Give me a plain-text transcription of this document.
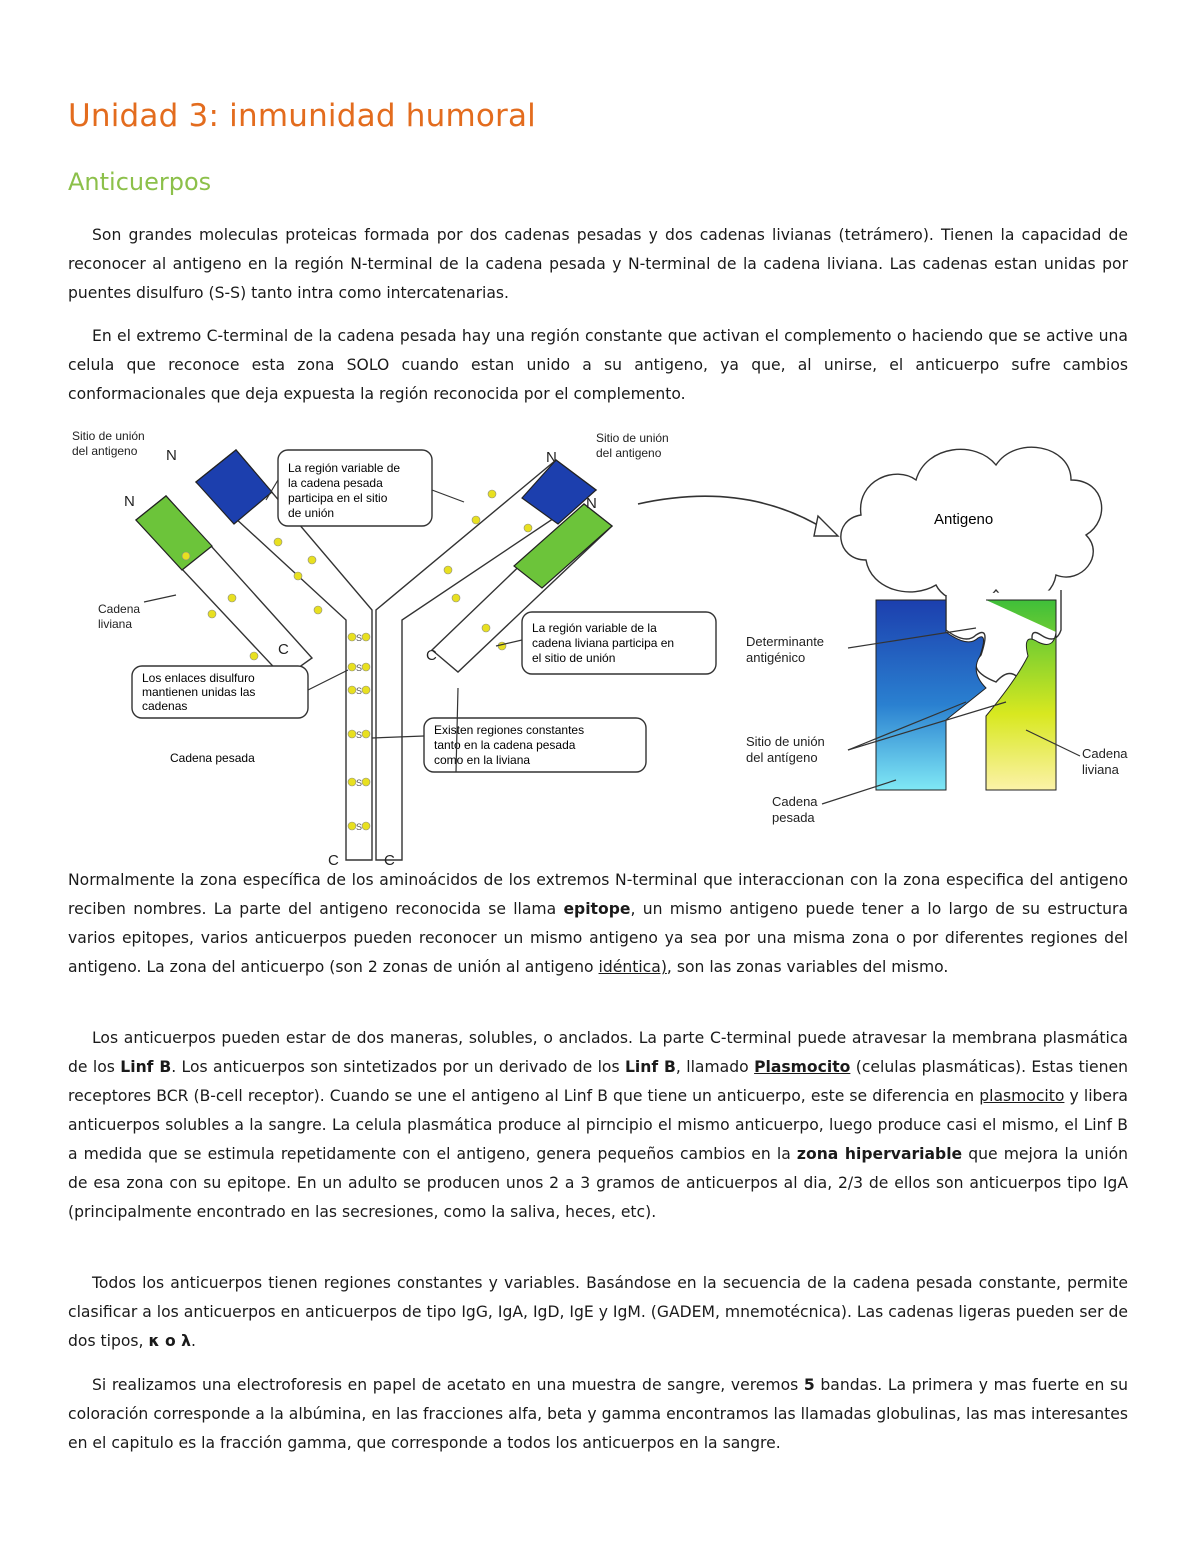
Unidad 3: inmunidad humoral
Anticuerpos

Son grandes moleculas proteicas formada por dos cadenas pesadas y dos cadenas livianas (tetrámero). Tienen la capacidad de reconocer al antigeno en la región N-terminal de la cadena pesada y N-terminal de la cadena liviana. Las cadenas estan unidas por puentes disulfuro (S-S) tanto intra como intercatenarias.

En el extremo C-terminal de la cadena pesada hay una región constante que activan el complemento o haciendo que se active una celula que reconoce esta zona SOLO cuando estan unido a su antigeno, ya que, al unirse, el anticuerpo sufre cambios conformacionales que deja expuesta la región reconocida por el complemento.

S
S
S
S
S
S
N
N
N
N
C	C
C	C
Sitio de unión
del antigeno
Sitio de unión
del antigeno
La región variable de
la cadena pesada
participa en el sitio
de unión
Cadena
liviana
Los enlaces disulfuro
mantienen unidas las
cadenas
Cadena pesada
La región variable de la
cadena liviana participa en
el sitio de unión
Existen regiones constantes
tanto en la cadena pesada
como en la liviana
Antigeno
Determinante
antigénico
Sitio de unión
del antígeno
Cadena
pesada
Cadena
liviana

Normalmente la zona específica de los aminoácidos de los extremos N-terminal que interaccionan con la zona especifica del antigeno reciben nombres. La parte del antigeno reconocida se llama epitope, un mismo antigeno puede tener a lo largo de su estructura varios epitopes, varios anticuerpos pueden reconocer un mismo antigeno ya sea por una misma zona o por diferentes regiones del antigeno. La zona del anticuerpo (son 2 zonas de unión al antigeno idéntica), son las zonas variables del mismo.

Los anticuerpos pueden estar de dos maneras, solubles, o anclados. La parte C-terminal puede atravesar la membrana plasmática de los Linf B. Los anticuerpos son sintetizados por un derivado de los Linf B, llamado Plasmocito (celulas plasmáticas). Estas tienen receptores BCR (B-cell receptor). Cuando se une el antigeno al Linf B que tiene un anticuerpo, este se diferencia en plasmocito y libera anticuerpos solubles a la sangre. La celula plasmática produce al pirncipio el mismo anticuerpo, luego produce casi el mismo, el Linf B a medida que se estimula repetidamente con el antigeno, genera pequeños cambios en la zona hipervariable que mejora la unión de esa zona con su epitope. En un adulto se producen unos 2 a 3 gramos de anticuerpos al dia, 2/3 de ellos son anticuerpos tipo IgA (principalmente encontrado en las secresiones, como la saliva, heces, etc).

Todos los anticuerpos tienen regiones constantes y variables. Basándose en la secuencia de la cadena pesada constante, permite clasificar a los anticuerpos en anticuerpos de tipo IgG, IgA, IgD, IgE y IgM. (GADEM, mnemotécnica). Las cadenas ligeras pueden ser de dos tipos, κ o λ.

Si realizamos una electroforesis en papel de acetato en una muestra de sangre, veremos 5 bandas. La primera y mas fuerte en su coloración corresponde a la albúmina, en las fracciones alfa, beta y gamma encontramos las llamadas globulinas, las mas interesantes en el capitulo es la fracción gamma, que corresponde a todos los anticuerpos en la sangre.
